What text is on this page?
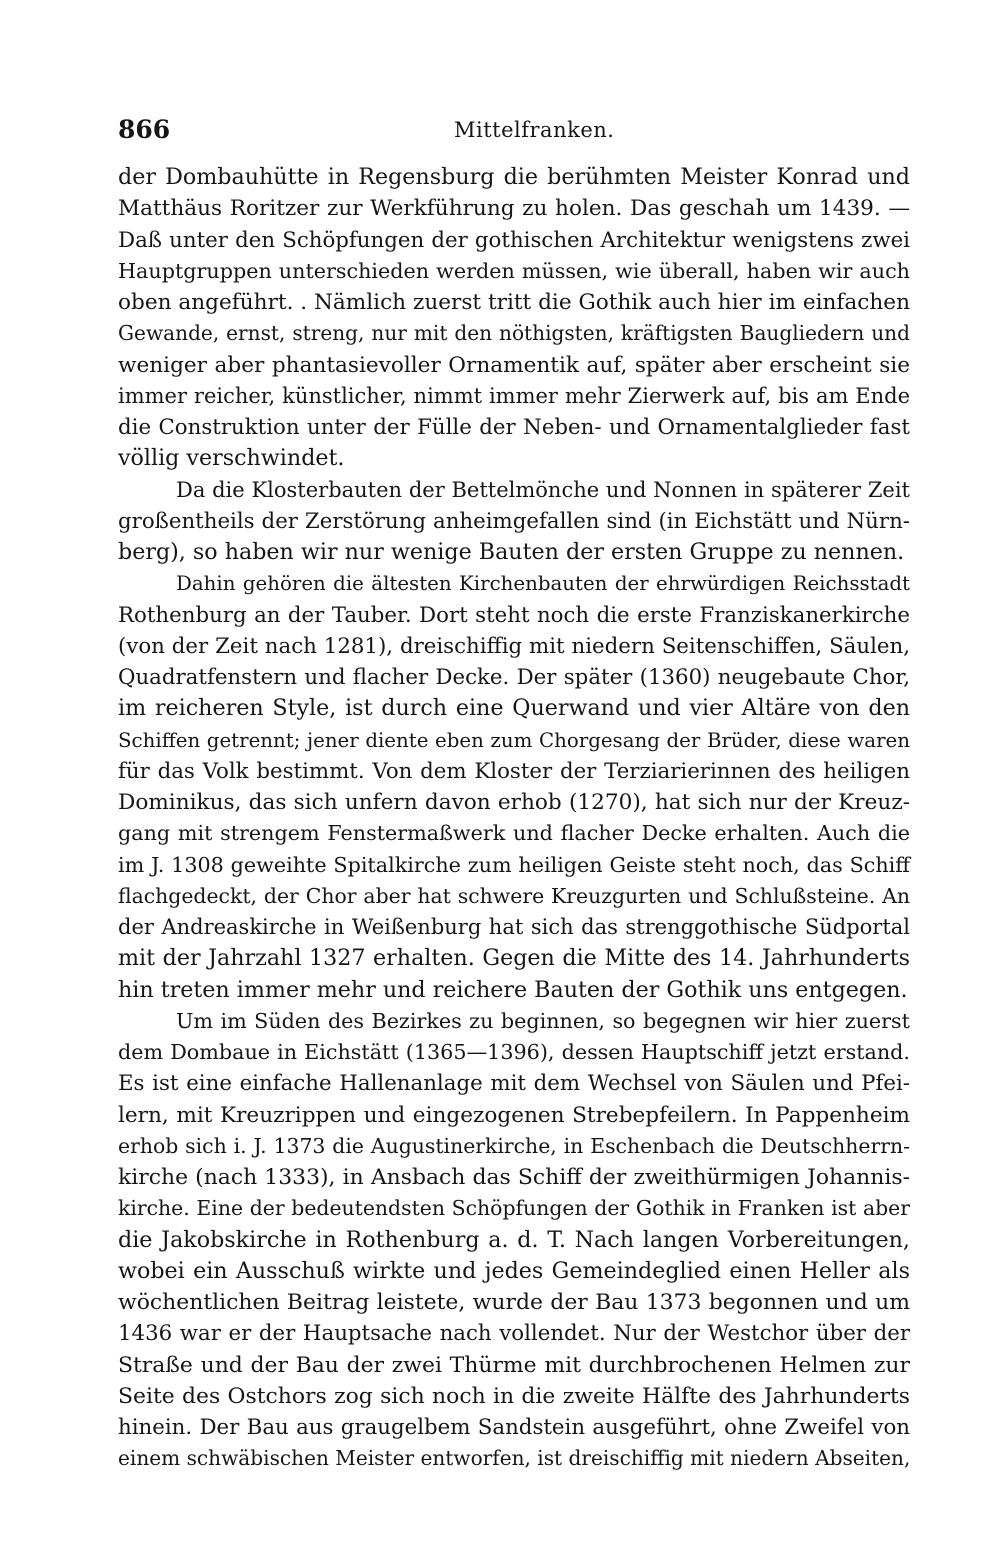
866	Mittelfranken.
der Dombauhütte in Regensburg die berühmten Meister Konrad und
Matthäus Roritzer zur Werkführung zu holen. Das geschah um 1439. —
Daß unter den Schöpfungen der gothischen Architektur wenigstens zwei
Hauptgruppen unterschieden werden müssen, wie überall, haben wir auch
oben angeführt. . Nämlich zuerst tritt die Gothik auch hier im einfachen
Gewande, ernst, streng, nur mit den nöthigsten, kräftigsten Baugliedern und
weniger aber phantasievoller Ornamentik auf, später aber erscheint sie
immer reicher, künstlicher, nimmt immer mehr Zierwerk auf, bis am Ende
die Construktion unter der Fülle der Neben- und Ornamentalglieder fast
völlig verschwindet.
Da die Klosterbauten der Bettelmönche und Nonnen in späterer Zeit
großentheils der Zerstörung anheimgefallen sind (in Eichstätt und Nürn-
berg), so haben wir nur wenige Bauten der ersten Gruppe zu nennen.
Dahin gehören die ältesten Kirchenbauten der ehrwürdigen Reichsstadt
Rothenburg an der Tauber. Dort steht noch die erste Franziskanerkirche
(von der Zeit nach 1281), dreischiffig mit niedern Seitenschiffen, Säulen,
Quadratfenstern und flacher Decke. Der später (1360) neugebaute Chor,
im reicheren Style, ist durch eine Querwand und vier Altäre von den
Schiffen getrennt; jener diente eben zum Chorgesang der Brüder, diese waren
für das Volk bestimmt. Von dem Kloster der Terziarierinnen des heiligen
Dominikus, das sich unfern davon erhob (1270), hat sich nur der Kreuz-
gang mit strengem Fenstermaßwerk und flacher Decke erhalten. Auch die
im J. 1308 geweihte Spitalkirche zum heiligen Geiste steht noch, das Schiff
flachgedeckt, der Chor aber hat schwere Kreuzgurten und Schlußsteine. An
der Andreaskirche in Weißenburg hat sich das strenggothische Südportal
mit der Jahrzahl 1327 erhalten. Gegen die Mitte des 14. Jahrhunderts
hin treten immer mehr und reichere Bauten der Gothik uns entgegen.
Um im Süden des Bezirkes zu beginnen, so begegnen wir hier zuerst
dem Dombaue in Eichstätt (1365—1396), dessen Hauptschiff jetzt erstand.
Es ist eine einfache Hallenanlage mit dem Wechsel von Säulen und Pfei-
lern, mit Kreuzrippen und eingezogenen Strebepfeilern. In Pappenheim
erhob sich i. J. 1373 die Augustinerkirche, in Eschenbach die Deutschherrn-
kirche (nach 1333), in Ansbach das Schiff der zweithürmigen Johannis-
kirche. Eine der bedeutendsten Schöpfungen der Gothik in Franken ist aber
die Jakobskirche in Rothenburg a. d. T. Nach langen Vorbereitungen,
wobei ein Ausschuß wirkte und jedes Gemeindeglied einen Heller als
wöchentlichen Beitrag leistete, wurde der Bau 1373 begonnen und um
1436 war er der Hauptsache nach vollendet. Nur der Westchor über der
Straße und der Bau der zwei Thürme mit durchbrochenen Helmen zur
Seite des Ostchors zog sich noch in die zweite Hälfte des Jahrhunderts
hinein. Der Bau aus graugelbem Sandstein ausgeführt, ohne Zweifel von
einem schwäbischen Meister entworfen, ist dreischiffig mit niedern Abseiten,
